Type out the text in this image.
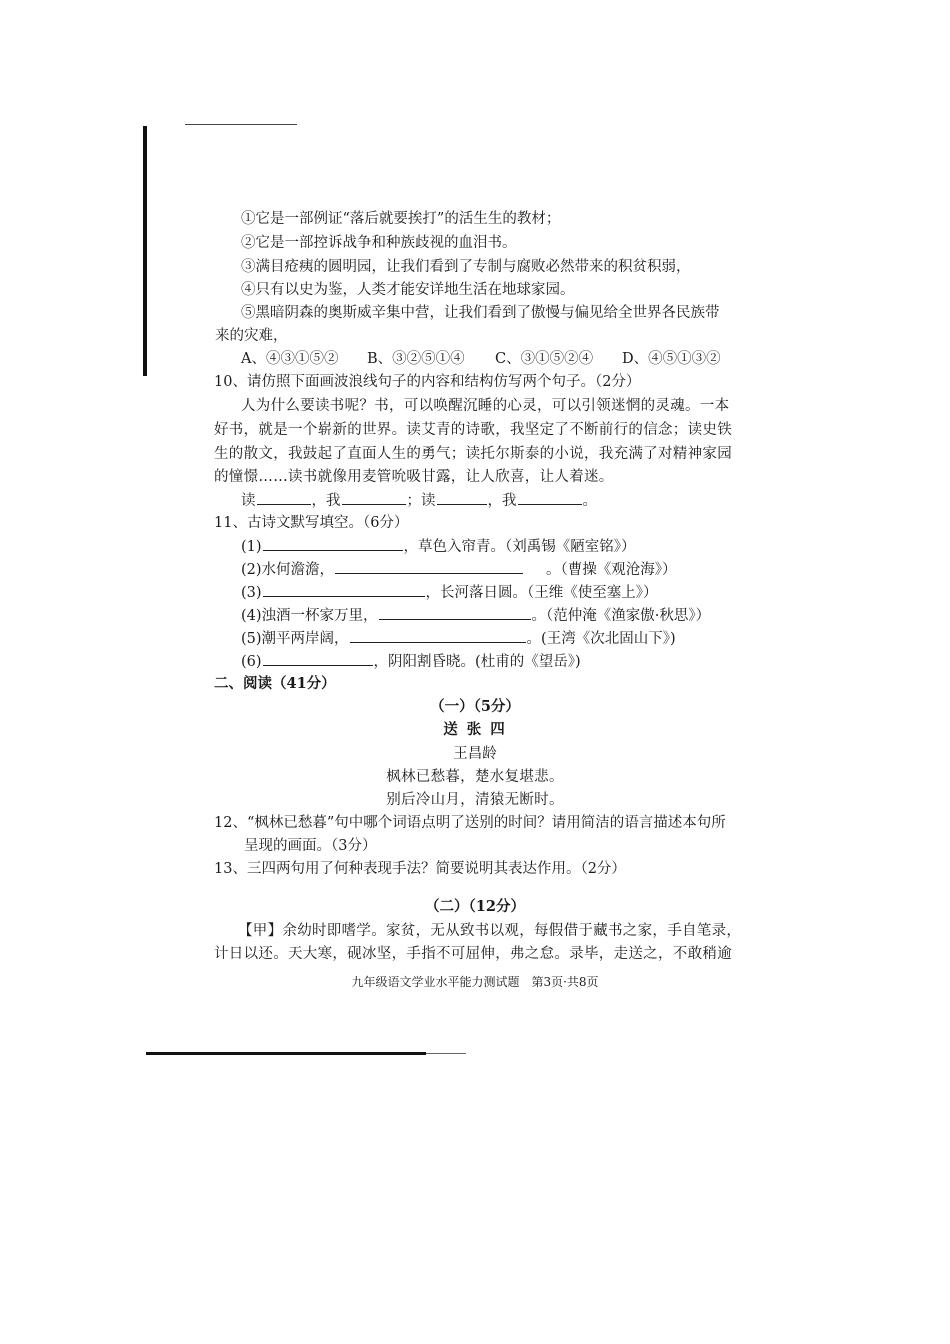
①它是一部例证“落后就要挨打”的活生生的教材；
②它是一部控诉战争和种族歧视的血泪书。
③满目疮痍的圆明园，让我们看到了专制与腐败必然带来的积贫积弱，
④只有以史为鉴，人类才能安详地生活在地球家园。
⑤黑暗阴森的奥斯威辛集中营，让我们看到了傲慢与偏见给全世界各民族带
来的灾难，
A、④③①⑤② B、③②⑤①④ C、③①⑤②④ D、④⑤①③②
10、请仿照下面画波浪线句子的内容和结构仿写两个句子。（2分）
人为什么要读书呢？书，可以唤醒沉睡的心灵，可以引领迷惘的灵魂。一本
好书，就是一个崭新的世界。读艾青的诗歌，我坚定了不断前行的信念；读史铁
生的散文，我鼓起了直面人生的勇气；读托尔斯泰的小说，我充满了对精神家园
的憧憬……读书就像用麦管吮吸甘露，让人欣喜，让人着迷。
读	，我	；读	，我	。
11、古诗文默写填空。（6分）
(1)	，草色入帘青。（刘禹锡《陋室铭》）
(2)水何澹澹，	。（曹操《观沧海》）
(3)	，长河落日圆。（王维《使至塞上》）
(4)浊酒一杯家万里，	。（范仲淹《渔家傲·秋思》）
(5)潮平两岸阔，	。(王湾《次北固山下》)
(6)	，阴阳割昏晓。(杜甫的《望岳》)
二、阅读（41分）
（一）（5分）
送 张 四
王昌龄
枫林已愁暮，楚水复堪悲。
别后冷山月，清猿无断时。
12、“枫林已愁暮”句中哪个词语点明了送别的时间？请用简洁的语言描述本句所
呈现的画面。（3分）
13、三四两句用了何种表现手法？简要说明其表达作用。（2分）
（二）（12分）
【甲】余幼时即嗜学。家贫，无从致书以观，每假借于藏书之家，手自笔录，
计日以还。天大寒，砚冰坚，手指不可屈伸，弗之怠。录毕，走送之，不敢稍逾
九年级语文学业水平能力测试题　第3页·共8页
